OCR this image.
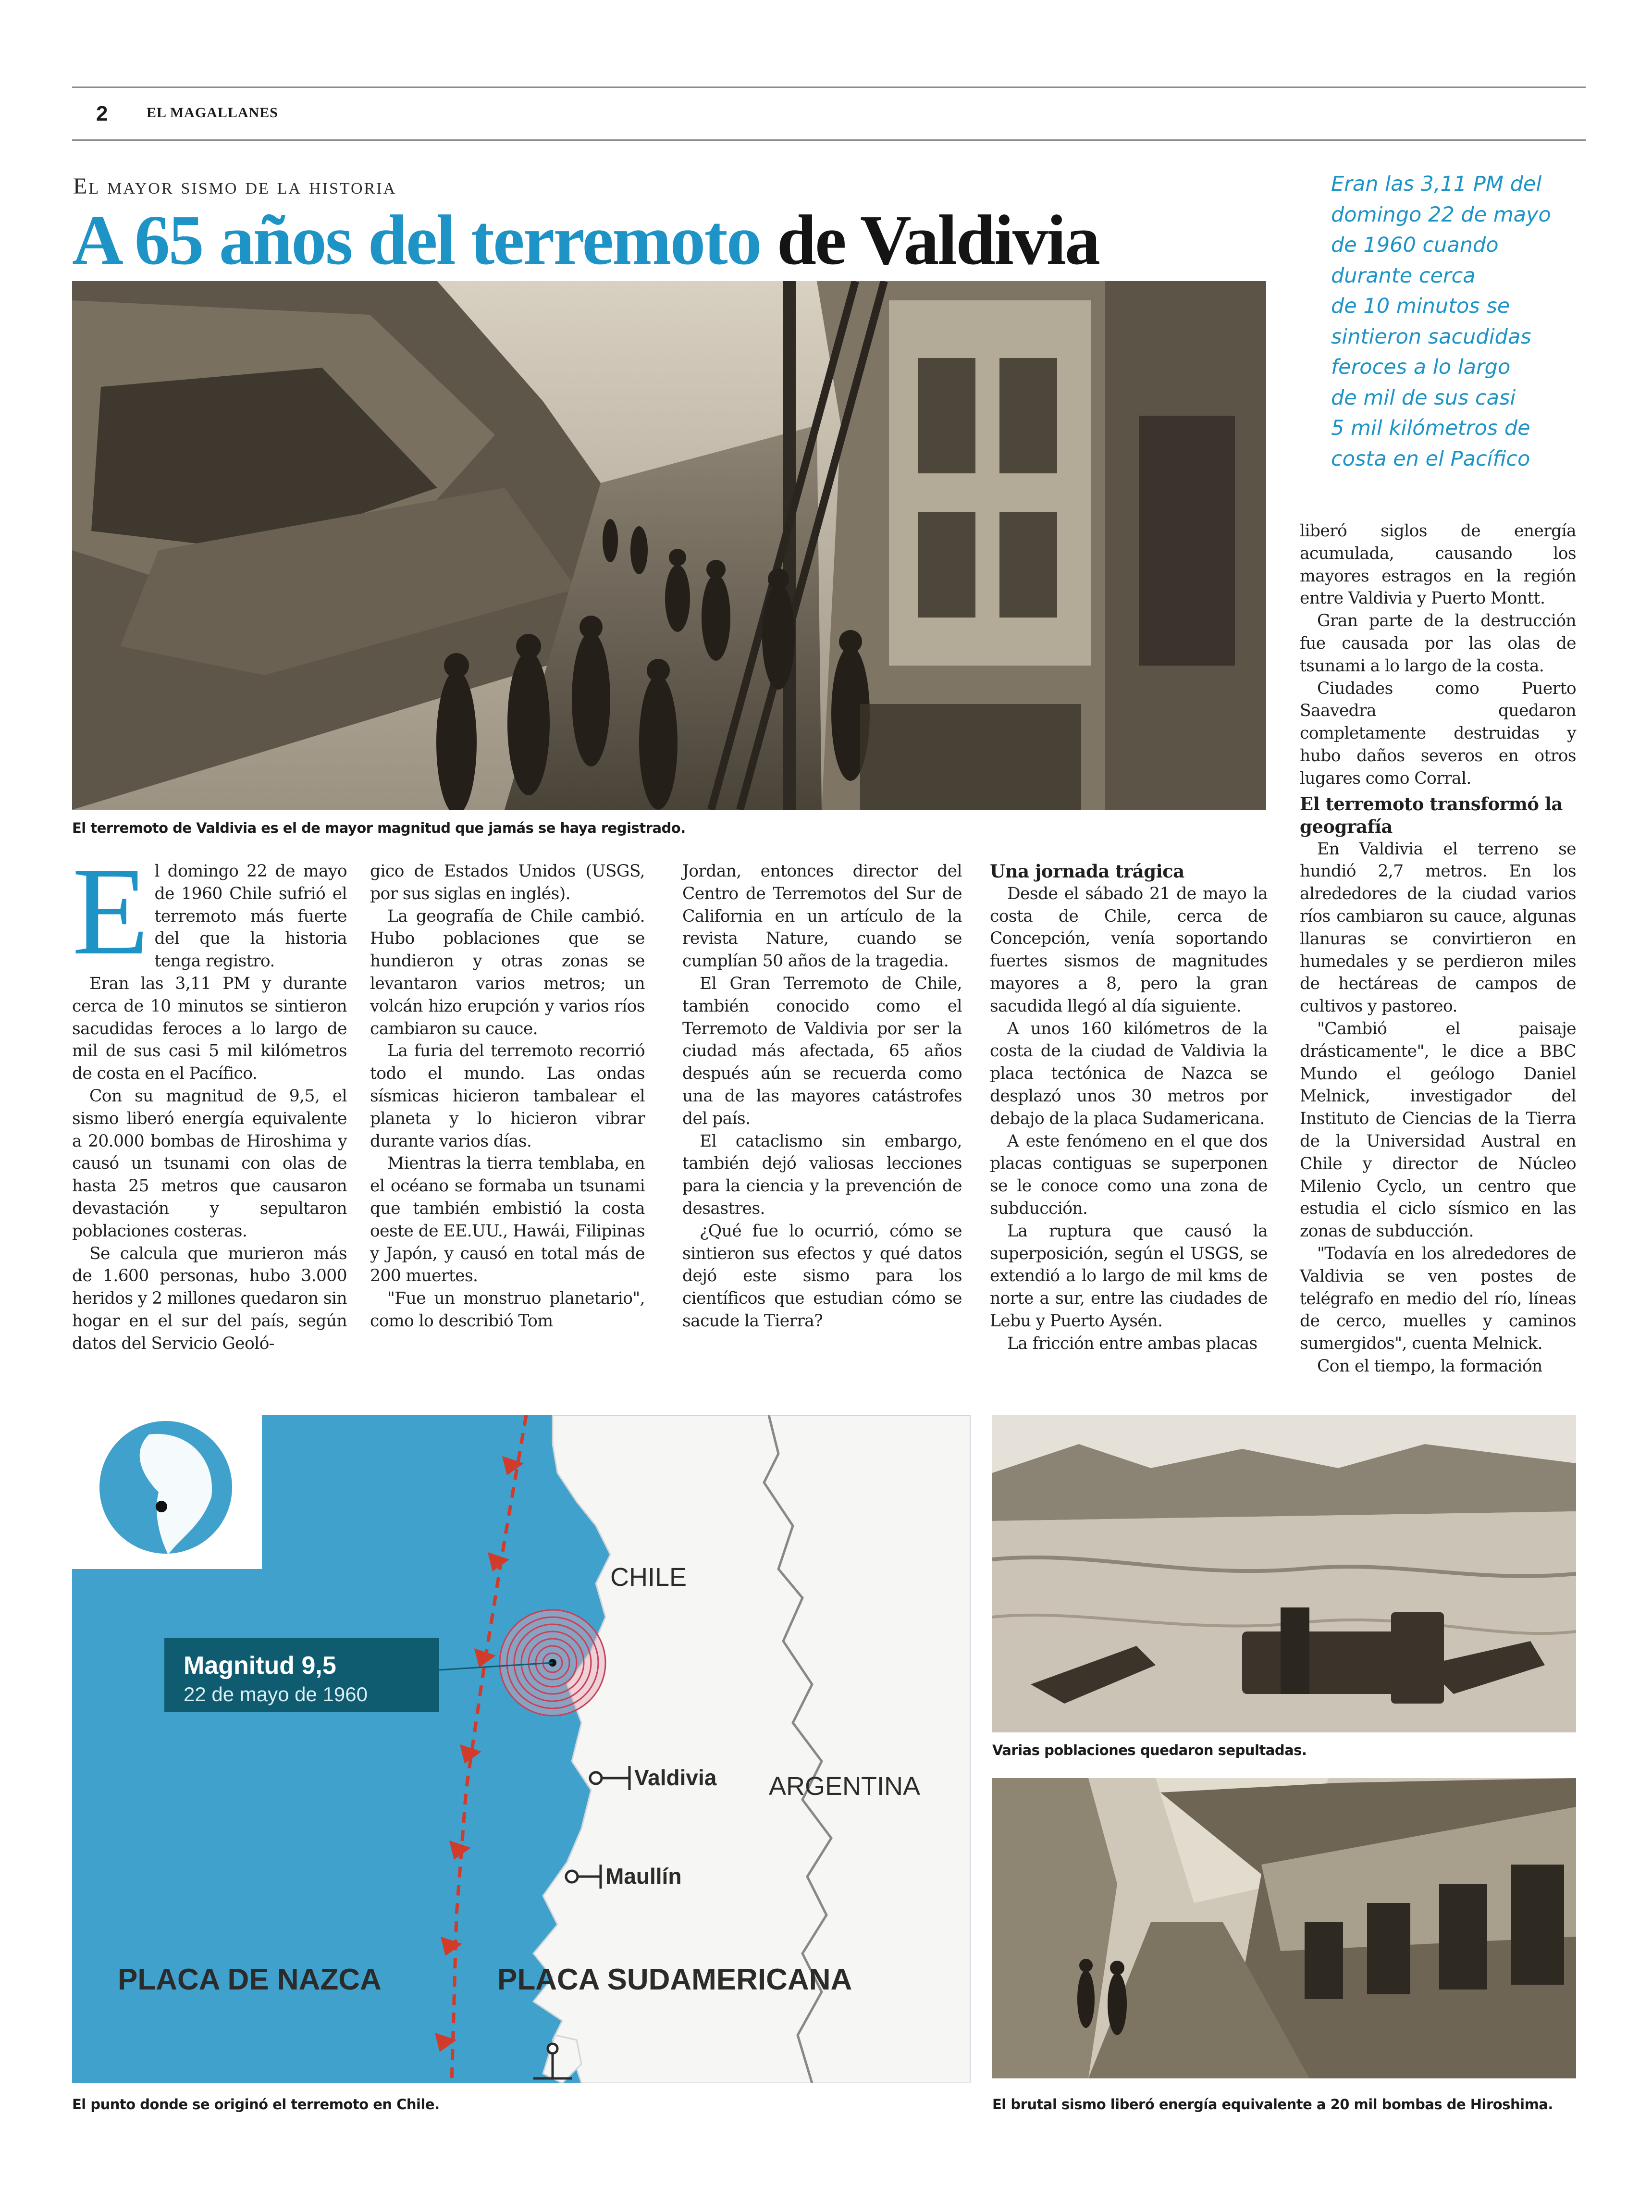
2	EL MAGALLANES
El mayor sismo de la historia
A 65 años del terremoto de Valdivia
Eran las 3,11 PM del
domingo 22 de mayo
de 1960 cuando
durante cerca
de 10 minutos se
sintieron sacudidas
feroces a lo largo
de mil de sus casi
5 mil kilómetros de
costa en el Pacífico
El terremoto de Valdivia es el de mayor magnitud que jamás se haya registrado.
E l domingo 22 de mayo de 1960 Chile sufrió el terremoto más fuerte del que la historia tenga registro.

Eran las 3,11 PM y durante cerca de 10 minutos se sintieron sacudidas feroces a lo largo de mil de sus casi 5 mil kilómetros de costa en el Pacífico.

Con su magnitud de 9,5, el sismo liberó energía equivalente a 20.000 bombas de Hiroshima y causó un tsunami con olas de hasta 25 metros que causaron devastación y sepultaron poblaciones costeras.

Se calcula que murieron más de 1.600 personas, hubo 3.000 heridos y 2 millones quedaron sin hogar en el sur del país, según datos del Servicio Geoló-

gico de Estados Unidos (USGS, por sus siglas en inglés).

La geografía de Chile cambió. Hubo poblaciones que se hundieron y otras zonas se levantaron varios metros; un volcán hizo erupción y varios ríos cambiaron su cauce.

La furia del terremoto recorrió todo el mundo. Las ondas sísmicas hicieron tambalear el planeta y lo hicieron vibrar durante varios días.

Mientras la tierra temblaba, en el océano se formaba un tsunami que también embistió la costa oeste de EE.UU., Hawái, Filipinas y Japón, y causó en total más de 200 muertes.

"Fue un monstruo planetario", como lo describió Tom

Jordan, entonces director del Centro de Terremotos del Sur de California en un artículo de la revista Nature, cuando se cumplían 50 años de la tragedia.

El Gran Terremoto de Chile, también conocido como el Terremoto de Valdivia por ser la ciudad más afectada, 65 años después aún se recuerda como una de las mayores catástrofes del país.

El cataclismo sin embargo, también dejó valiosas lecciones para la ciencia y la prevención de desastres.

¿Qué fue lo ocurrió, cómo se sintieron sus efectos y qué datos dejó este sismo para los científicos que estudian cómo se sacude la Tierra?

Una jornada trágica

Desde el sábado 21 de mayo la costa de Chile, cerca de Concepción, venía soportando fuertes sismos de magnitudes mayores a 8, pero la gran sacudida llegó al día siguiente.

A unos 160 kilómetros de la costa de la ciudad de Valdivia la placa tectónica de Nazca se desplazó unos 30 metros por debajo de la placa Sudamericana.

A este fenómeno en el que dos placas contiguas se superponen se le conoce como una zona de subducción.

La ruptura que causó la superposición, según el USGS, se extendió a lo largo de mil kms de norte a sur, entre las ciudades de Lebu y Puerto Aysén.

La fricción entre ambas placas

liberó siglos de energía acumulada, causando los mayores estragos en la región entre Valdivia y Puerto Montt.

Gran parte de la destrucción fue causada por las olas de tsunami a lo largo de la costa.

Ciudades como Puerto Saavedra quedaron completamente destruidas y hubo daños severos en otros lugares como Corral.

El terremoto transformó la geografía

En Valdivia el terreno se hundió 2,7 metros. En los alrededores de la ciudad varios ríos cambiaron su cauce, algunas llanuras se convirtieron en humedales y se perdieron miles de hectáreas de campos de cultivos y pastoreo.

"Cambió el paisaje drásticamente", le dice a BBC Mundo el geólogo Daniel Melnick, investigador del Instituto de Ciencias de la Tierra de la Universidad Austral en Chile y director de Núcleo Milenio Cyclo, un centro que estudia el ciclo sísmico en las zonas de subducción.

"Todavía en los alrededores de Valdivia se ven postes de telégrafo en medio del río, líneas de cerco, muelles y caminos sumergidos", cuenta Melnick.

Con el tiempo, la formación

Magnitud 9,5
22 de mayo de 1960
Valdivia
Maullín
CHILE
ARGENTINA
PLACA DE NAZCA	PLACA SUDAMERICANA
El punto donde se originó el terremoto en Chile.
Varias poblaciones quedaron sepultadas.
El brutal sismo liberó energía equivalente a 20 mil bombas de Hiroshima.
